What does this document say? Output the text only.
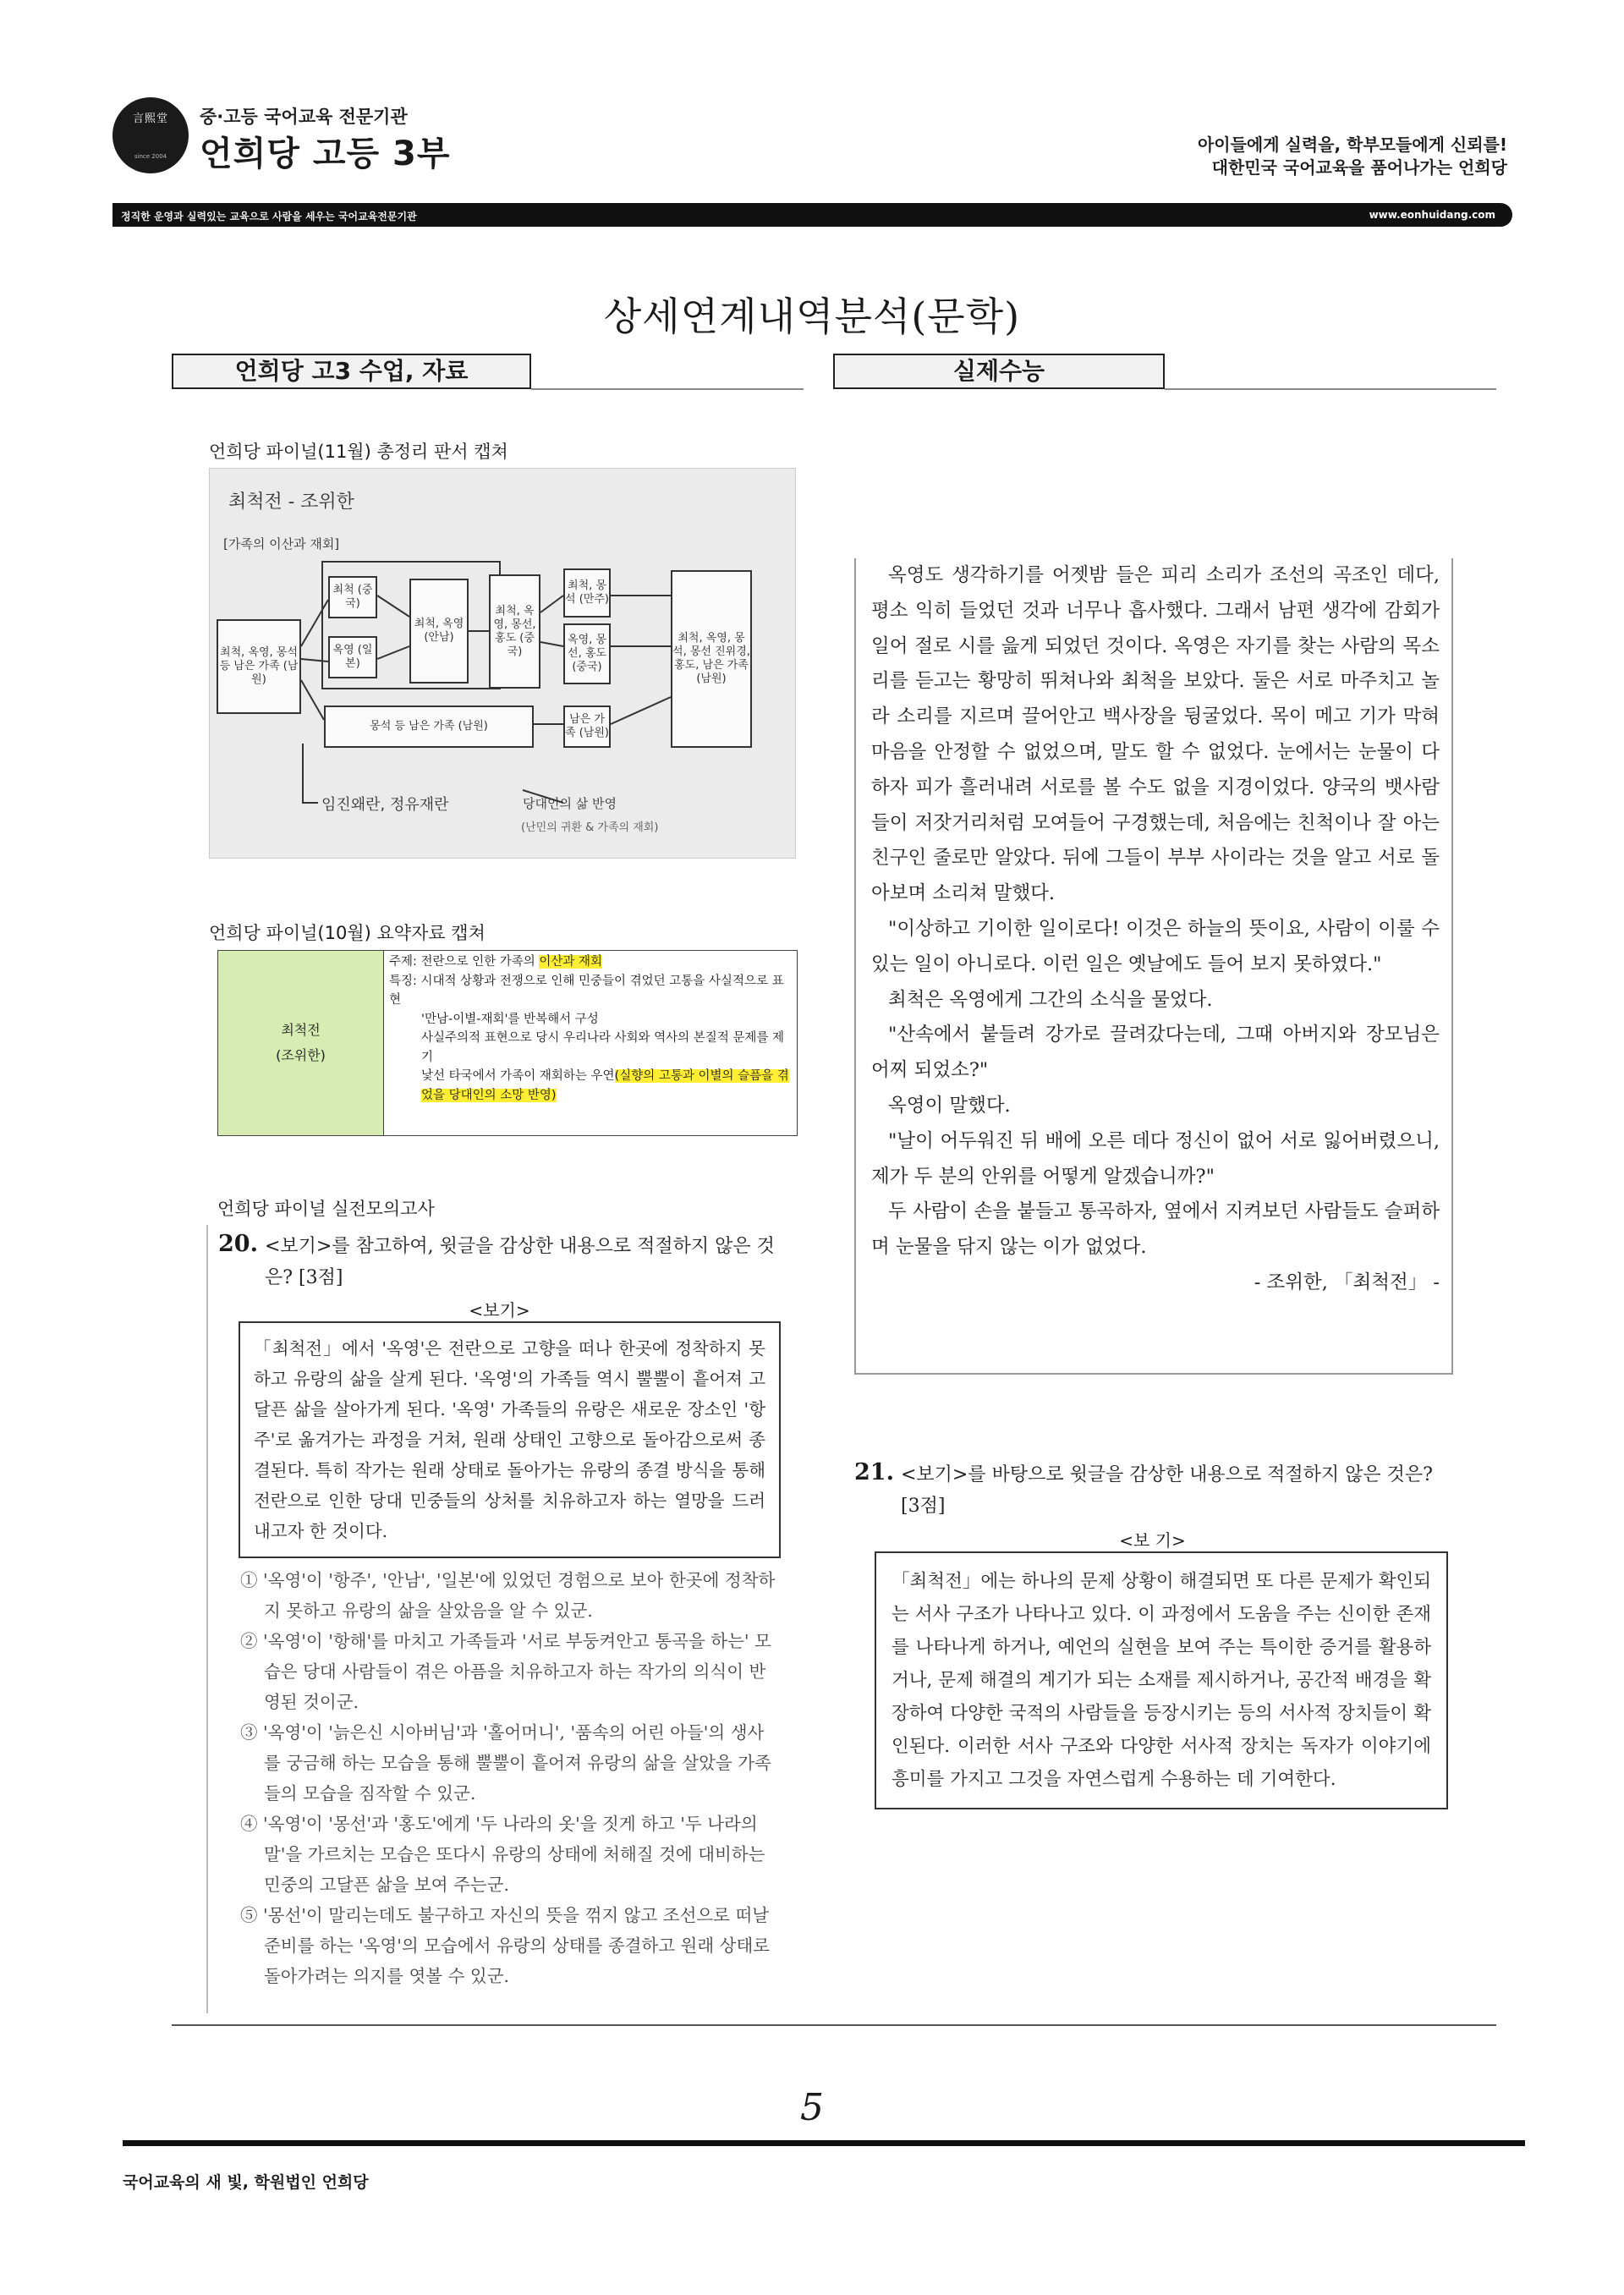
言熙堂
since 2004
중·고등 국어교육 전문기관
언희당 고등 3부	아이들에게 실력을, 학부모들에게 신뢰를!
대한민국 국어교육을 품어나가는 언희당
정직한 운영과 실력있는 교육으로 사람을 세우는 국어교육전문기관	www.eonhuidang.com
상세연계내역분석(문학)
언희당 고3 수업, 자료	실제수능
언희당 파이널(11월) 총정리 판서 캡쳐
최척전 - 조위한
[가족의 이산과 재회]
최척, 옥영, 몽석 등 남은 가족 (남원)
최척 (중국)
옥영 (일본)
최척, 옥영 (안남)
최척, 옥영, 몽선, 홍도 (중국)
최척, 몽석 (만주)
옥영, 몽선, 홍도 (중국)
몽석 등 남은 가족 (남원)
남은 가족 (남원)
최척, 옥영, 몽석, 몽선 진위경, 홍도, 남은 가족 (남원)
임진왜란, 정유재란	당대인의 삶 반영
(난민의 귀환 & 가족의 재회)
언희당 파이널(10월) 요약자료 캡쳐
최척전
(조위한)

주제: 전란으로 인한 가족의 이산과 재회
특징: 시대적 상황과 전쟁으로 인해 민중들이 겪었던 고통을 사실적으로 표현
'만남-이별-재회'를 반복해서 구성
사실주의적 표현으로 당시 우리나라 사회와 역사의 본질적 문제를 제기
낯선 타국에서 가족이 재회하는 우연(실향의 고통과 이별의 슬픔을 겪었을 당대인의 소망 반영)
언희당 파이널 실전모의고사
20. <보기>를 참고하여, 윗글을 감상한 내용으로 적절하지 않은 것은? [3점]
<보기>
「최척전」에서 '옥영'은 전란으로 고향을 떠나 한곳에 정착하지 못하고 유랑의 삶을 살게 된다. '옥영'의 가족들 역시 뿔뿔이 흩어져 고달픈 삶을 살아가게 된다. '옥영' 가족들의 유랑은 새로운 장소인 '항주'로 옮겨가는 과정을 거쳐, 원래 상태인 고향으로 돌아감으로써 종결된다. 특히 작가는 원래 상태로 돌아가는 유랑의 종결 방식을 통해 전란으로 인한 당대 민중들의 상처를 치유하고자 하는 열망을 드러내고자 한 것이다.
① '옥영'이 '항주', '안남', '일본'에 있었던 경험으로 보아 한곳에 정착하지 못하고 유랑의 삶을 살았음을 알 수 있군.
② '옥영'이 '항해'를 마치고 가족들과 '서로 부둥켜안고 통곡을 하는' 모습은 당대 사람들이 겪은 아픔을 치유하고자 하는 작가의 의식이 반영된 것이군.
③ '옥영'이 '늙은신 시아버님'과 '홀어머니', '품속의 어린 아들'의 생사를 궁금해 하는 모습을 통해 뿔뿔이 흩어져 유랑의 삶을 살았을 가족들의 모습을 짐작할 수 있군.
④ '옥영'이 '몽선'과 '홍도'에게 '두 나라의 옷'을 짓게 하고 '두 나라의 말'을 가르치는 모습은 또다시 유랑의 상태에 처해질 것에 대비하는 민중의 고달픈 삶을 보여 주는군.
⑤ '몽선'이 말리는데도 불구하고 자신의 뜻을 꺾지 않고 조선으로 떠날 준비를 하는 '옥영'의 모습에서 유랑의 상태를 종결하고 원래 상태로 돌아가려는 의지를 엿볼 수 있군.

옥영도 생각하기를 어젯밤 들은 피리 소리가 조선의 곡조인 데다, 평소 익히 들었던 것과 너무나 흡사했다. 그래서 남편 생각에 감회가 일어 절로 시를 읊게 되었던 것이다. 옥영은 자기를 찾는 사람의 목소리를 듣고는 황망히 뛰쳐나와 최척을 보았다. 둘은 서로 마주치고 놀라 소리를 지르며 끌어안고 백사장을 뒹굴었다. 목이 메고 기가 막혀 마음을 안정할 수 없었으며, 말도 할 수 없었다. 눈에서는 눈물이 다하자 피가 흘러내려 서로를 볼 수도 없을 지경이었다. 양국의 뱃사람들이 저잣거리처럼 모여들어 구경했는데, 처음에는 친척이나 잘 아는 친구인 줄로만 알았다. 뒤에 그들이 부부 사이라는 것을 알고 서로 돌아보며 소리쳐 말했다.

"이상하고 기이한 일이로다! 이것은 하늘의 뜻이요, 사람이 이룰 수 있는 일이 아니로다. 이런 일은 옛날에도 들어 보지 못하였다."

최척은 옥영에게 그간의 소식을 물었다.

"산속에서 붙들려 강가로 끌려갔다는데, 그때 아버지와 장모님은 어찌 되었소?"

옥영이 말했다.

"날이 어두워진 뒤 배에 오른 데다 정신이 없어 서로 잃어버렸으니, 제가 두 분의 안위를 어떻게 알겠습니까?"

두 사람이 손을 붙들고 통곡하자, 옆에서 지켜보던 사람들도 슬퍼하며 눈물을 닦지 않는 이가 없었다.

- 조위한, 「최척전」 -

21. <보기>를 바탕으로 윗글을 감상한 내용으로 적절하지 않은 것은? [3점]
<보 기>
「최척전」에는 하나의 문제 상황이 해결되면 또 다른 문제가 확인되는 서사 구조가 나타나고 있다. 이 과정에서 도움을 주는 신이한 존재를 나타나게 하거나, 예언의 실현을 보여 주는 특이한 증거를 활용하거나, 문제 해결의 계기가 되는 소재를 제시하거나, 공간적 배경을 확장하여 다양한 국적의 사람들을 등장시키는 등의 서사적 장치들이 확인된다. 이러한 서사 구조와 다양한 서사적 장치는 독자가 이야기에 흥미를 가지고 그것을 자연스럽게 수용하는 데 기여한다.
5
국어교육의 새 빛, 학원법인 언희당
